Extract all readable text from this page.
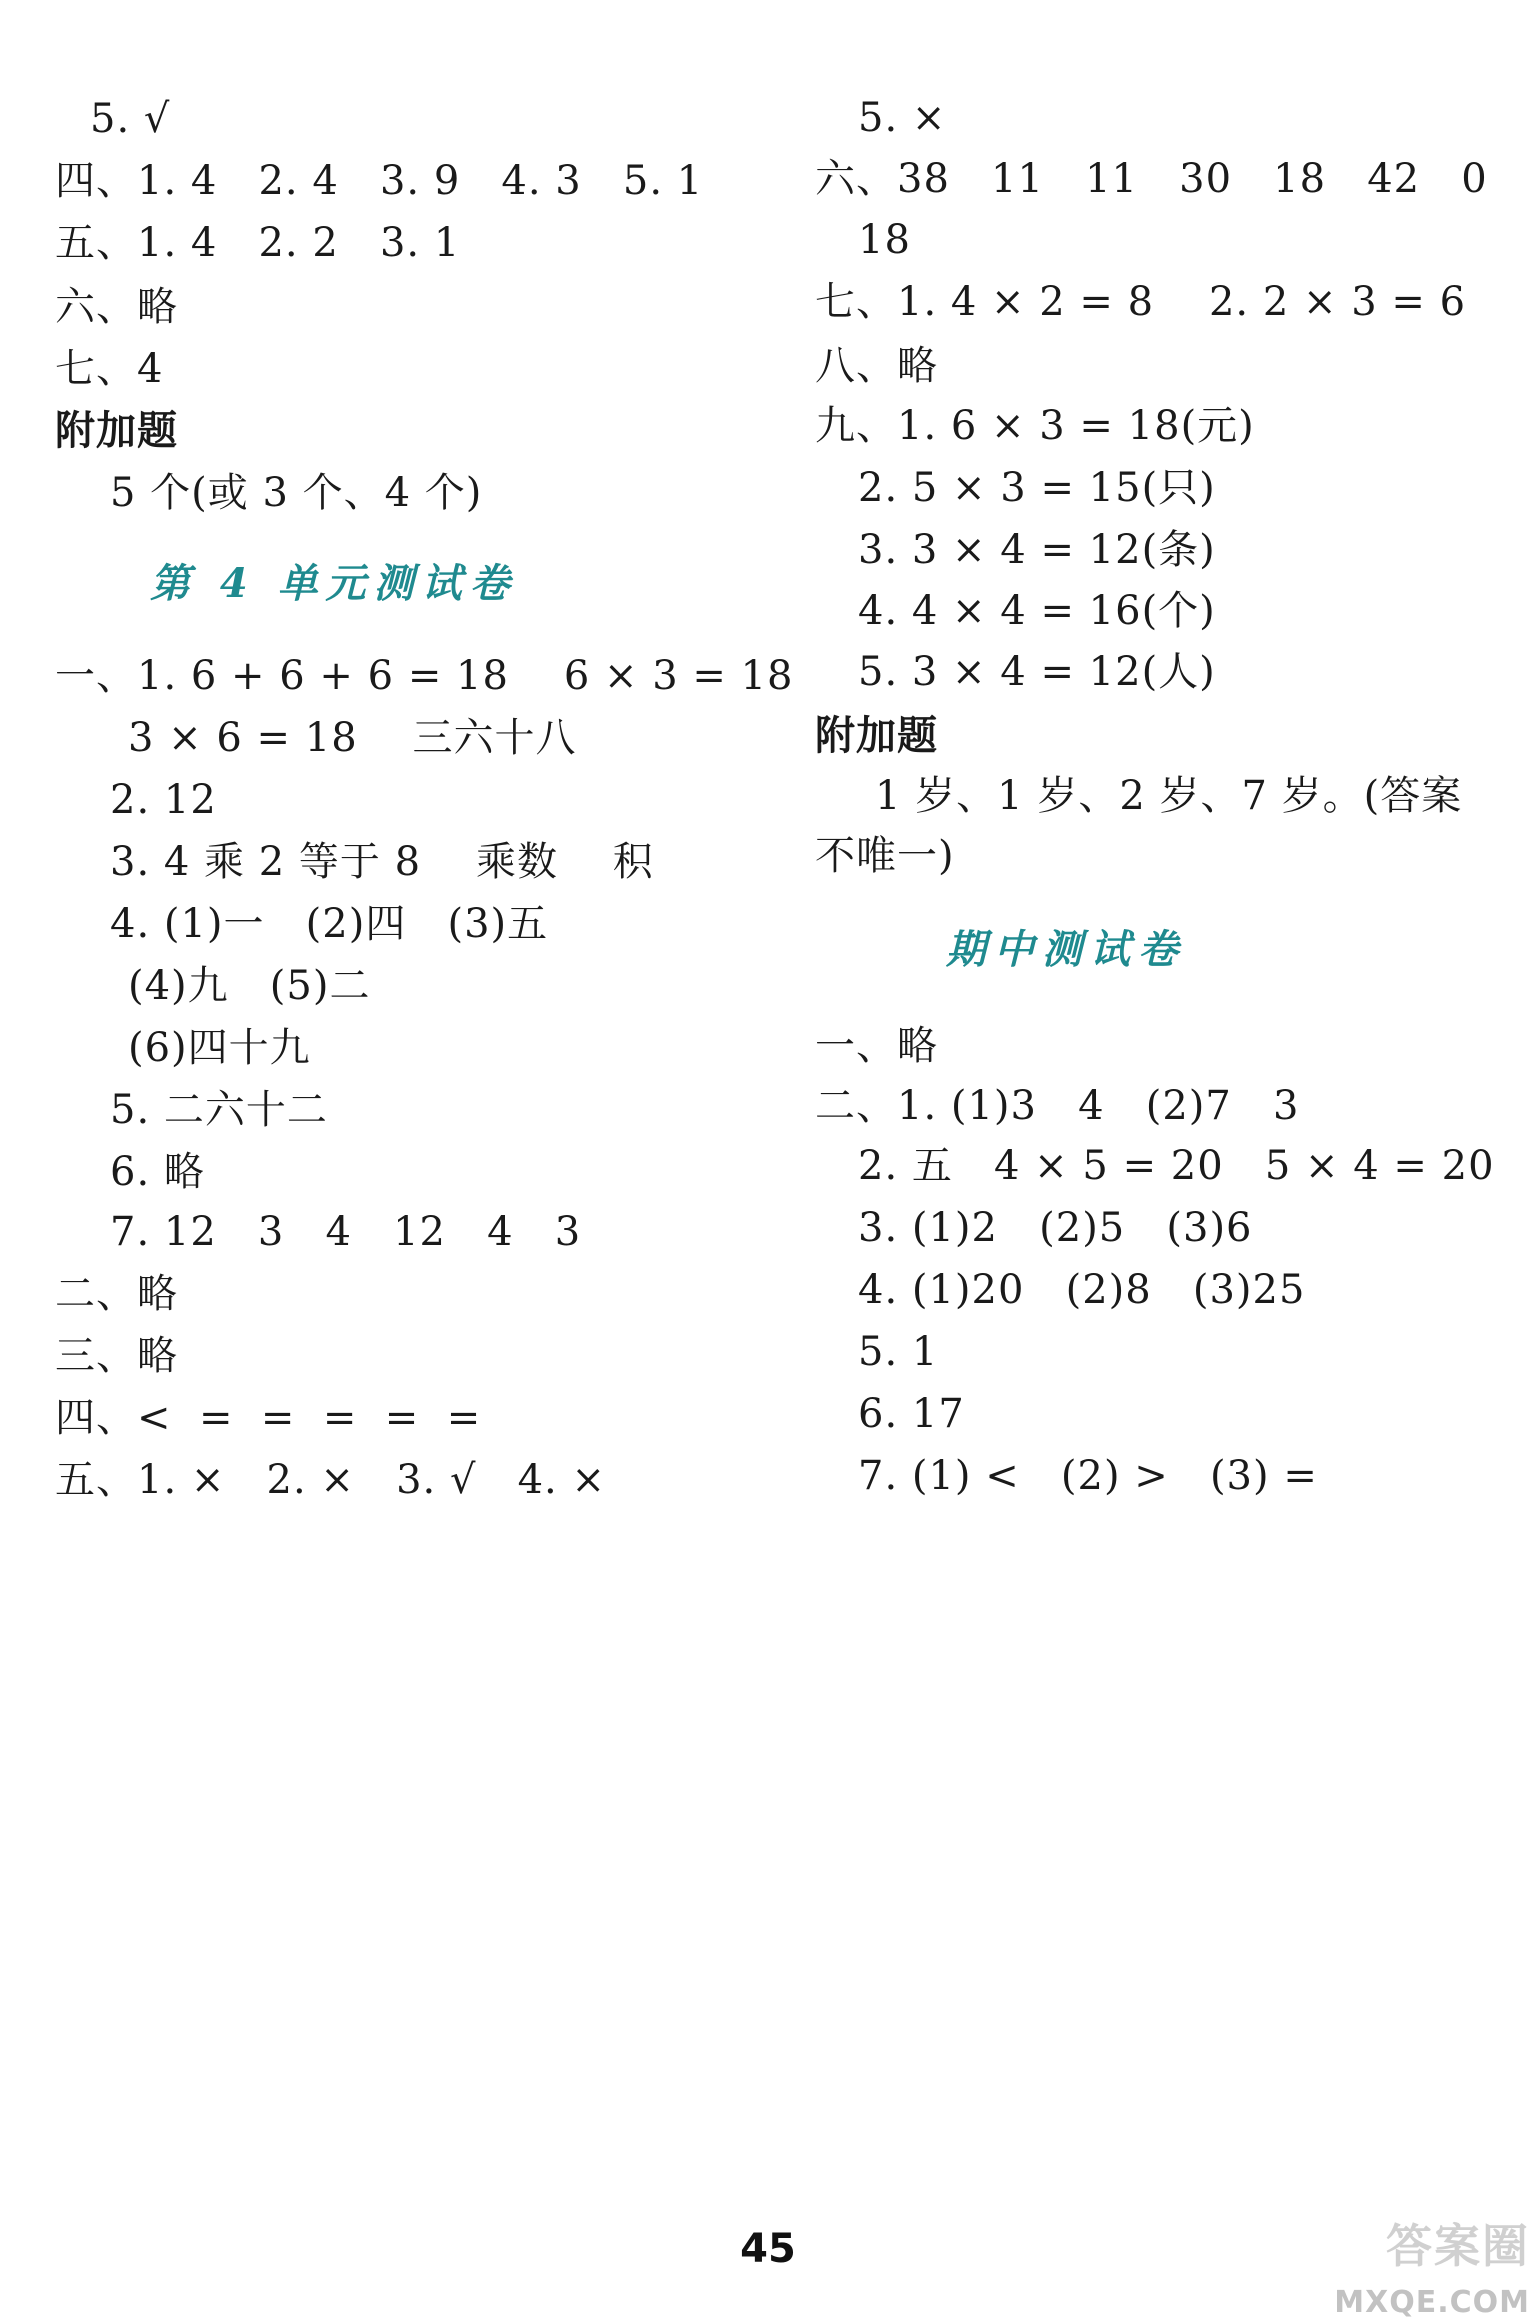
5. √
四、1. 4   2. 4   3. 9   4. 3   5. 1
五、1. 4   2. 2   3. 1
六、略
七、4
附加题
5 个(或 3 个、4 个)
第 4 单元测试卷
一、1. 6 + 6 + 6 = 18    6 × 3 = 18
3 × 6 = 18    三六十八
2. 12
3. 4 乘 2 等于 8    乘数    积
4. (1)一   (2)四   (3)五
(4)九   (5)二
(6)四十九
5. 二六十二
6. 略
7. 12   3   4   12   4   3
二、略
三、略
四、<  =  =  =  =  =
五、1. ×   2. ×   3. √   4. ×
5. ×
六、38   11   11   30   18   42   0
18
七、1. 4 × 2 = 8    2. 2 × 3 = 6
八、略
九、1. 6 × 3 = 18(元)
2. 5 × 3 = 15(只)
3. 3 × 4 = 12(条)
4. 4 × 4 = 16(个)
5. 3 × 4 = 12(人)
附加题
1 岁、1 岁、2 岁、7 岁。(答案
不唯一)
期中测试卷
一、略
二、1. (1)3   4   (2)7   3
2. 五   4 × 5 = 20   5 × 4 = 20
3. (1)2   (2)5   (3)6
4. (1)20   (2)8   (3)25
5. 1
6. 17
7. (1) <   (2) >   (3) =
45	答案圈
MXQE.COM
